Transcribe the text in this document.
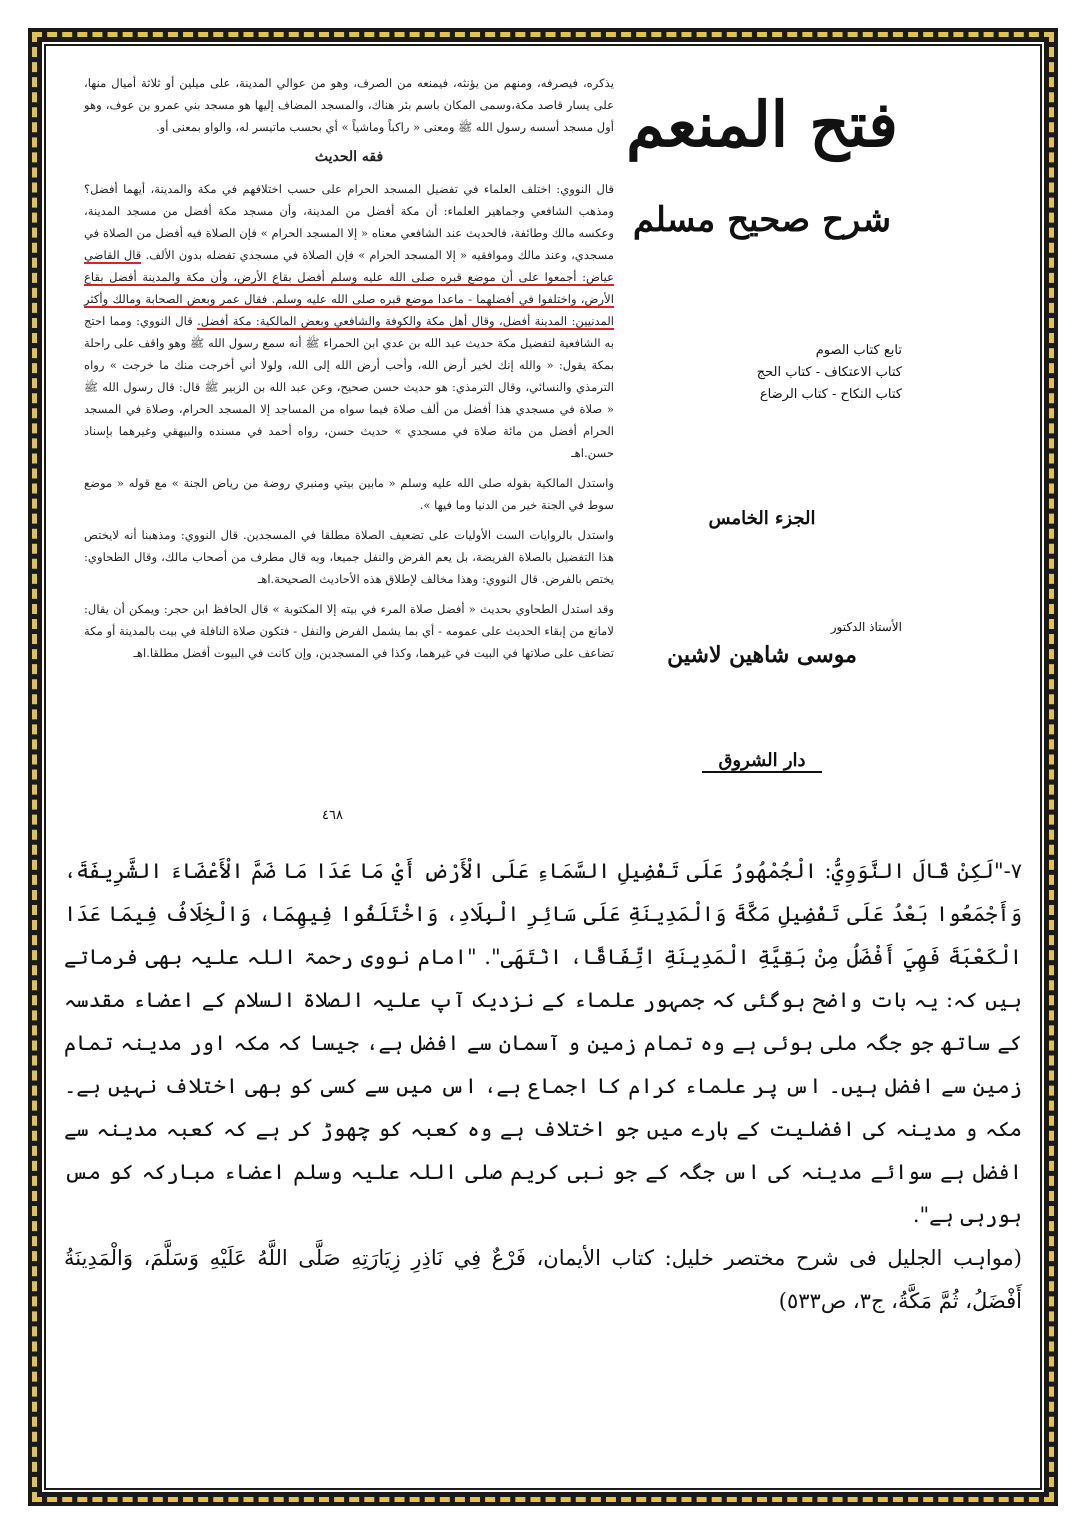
يذكره، فيصرفه، ومنهم من يؤنثه، فيمنعه من الصرف، وهو من عوالي المدينة، على ميلين أو ثلاثة أميال منها، على يسار قاصد مكة،وسمى المكان باسم بئر هناك، والمسجد المضاف إليها هو مسجد بني عمرو بن عوف، وهو أول مسجد أسسه رسول الله ﷺ ومعنى « راكباً وماشياً » أي بحسب ماتيسر له، والواو بمعنى أو.

فقه الحديث

قال النووي: اختلف العلماء في تفضيل المسجد الحرام على حسب اختلافهم في مكة والمدينة، أيهما أفضل؟ ومذهب الشافعي وجماهير العلماء: أن مكة أفضل من المدينة، وأن مسجد مكة أفضل من مسجد المدينة، وعكسه مالك وطائفة، فالحديث عند الشافعي معناه « إلا المسجد الحرام » فإن الصلاة فيه أفضل من الصلاة في مسجدي، وعند مالك وموافقيه « إلا المسجد الحرام » فإن الصلاة في مسجدي تفضله بدون الألف. قال القاضي عياض: أجمعوا على أن موضع قبره صلى الله عليه وسلم أفضل بقاع الأرض، وأن مكة والمدينة أفضل بقاع الأرض، واختلفوا في أفضلهما - ماعدا موضع قبره صلى الله عليه وسلم. فقال عمر وبعض الصحابة ومالك وأكثر المدنيين: المدينة أفضل، وقال أهل مكة والكوفة والشافعي وبعض المالكية: مكة أفضل. قال النووي: ومما احتج به الشافعية لتفضيل مكة حديث عبد الله بن عدي ابن الحمراء ﷺ أنه سمع رسول الله ﷺ وهو واقف على راحلة بمكة يقول: « والله إنك لخير أرض الله، وأحب أرض الله إلى الله، ولولا أني أخرجت منك ما خرجت » رواه الترمذي والنسائي، وقال الترمذي: هو حديث حسن صحيح، وعن عبد الله بن الزبير ﷺ قال: قال رسول الله ﷺ « صلاة في مسجدي هذا أفضل من ألف صلاة فيما سواه من المساجد إلا المسجد الحرام، وصلاة في المسجد الحرام أفضل من مائة صلاة في مسجدي » حديث حسن، رواه أحمد في مسنده والبيهقي وغيرهما بإسناد حسن.اهـ

واستدل المالكية بقوله صلى الله عليه وسلم « مابين بيتي ومنبري روضة من رياض الجنة » مع قوله « موضع سوط في الجنة خير من الدنيا وما فيها ».

واستدل بالروايات الست الأوليات على تضعيف الصلاة مطلقا في المسجدين. قال النووي: ومذهبنا أنه لايختص هذا التفضيل بالصلاة الفريضة، بل يعم الفرض والنفل جميعا، وبه قال مطرف من أصحاب مالك، وقال الطحاوي: يختص بالفرض. قال النووي: وهذا مخالف لإطلاق هذه الأحاديث الصحيحة.اهـ

وقد استدل الطحاوي بحديث « أفضل صلاة المرء في بيته إلا المكتوبة » قال الحافظ ابن حجر: ويمكن أن يقال: لامانع من إبقاء الحديث على عمومه - أي بما يشمل الفرض والنفل - فتكون صلاة النافلة في بيت بالمدينة أو مكة تضاعف على صلاتها في البيت في غيرهما، وكذا في المسجدين، وإن كانت في البيوت أفضل مطلقا.اهـ

٤٦٨
فتح المنعم
شرح صحيح مسلم
تابع كتاب الصوم
كتاب الاعتكاف - كتاب الحج
كتاب النكاح - كتاب الرضاع
الجزء الخامس
الأستاذ الدكتور
موسى شاهين لاشين
دار الشروق

٧-"لَكِنْ قَالَ النَّوَوِيُّ: الْجُمْهُورُ عَلَى تَفْضِيلِ السَّمَاءِ عَلَى الْأَرْضِ أَيْ مَا عَدَا مَا ضَمَّ الْأَعْضَاءَ الشَّرِيفَةَ، وَأَجْمَعُوا بَعْدُ عَلَى تَفْضِيلِ مَكَّةَ وَالْمَدِينَةِ عَلَى سَائِرِ الْبِلَادِ، وَاخْتَلَفُوا فِيهِمَا، وَالْخِلَافُ فِيمَا عَدَا الْكَعْبَةَ فَهِيَ أَفْضَلُ مِنْ بَقِيَّةِ الْمَدِينَةِ اتِّفَاقًا، انْتَهَى". "امام نووی رحمۃ اللہ علیہ بھی فرماتے ہیں کہ: یہ بات واضح ہوگئی کہ جمہور علماء کے نزدیک آپ علیہ الصلاۃ السلام کے اعضاء مقدسہ کے ساتھ جو جگہ ملی ہوئی ہے وہ تمام زمین و آسمان سے افضل ہے، جیسا کہ مکہ اور مدینہ تمام زمین سے افضل ہیں۔ اس پر علماء کرام کا اجماع ہے، اس میں سے کسی کو بھی اختلاف نہیں ہے۔ مکہ و مدینہ کی افضلیت کے بارے میں جو اختلاف ہے وہ کعبہ کو چھوڑ کر ہے کہ کعبہ مدینہ سے افضل ہے سوائے مدینہ کی اس جگہ کے جو نبی کریم صلی اللہ علیہ وسلم اعضاء مبارکہ کو مس ہورہی ہے".

(مواہب الجلیل فی شرح مختصر خلیل: كتاب الأيمان، فَرْعٌ فِي نَاذِرِ زِيَارَتِهِ صَلَّى اللَّهُ عَلَيْهِ وَسَلَّمَ، وَالْمَدِينَةُ أَفْضَلُ، ثُمَّ مَكَّةُ، ج٣، ص٥٣٣)
